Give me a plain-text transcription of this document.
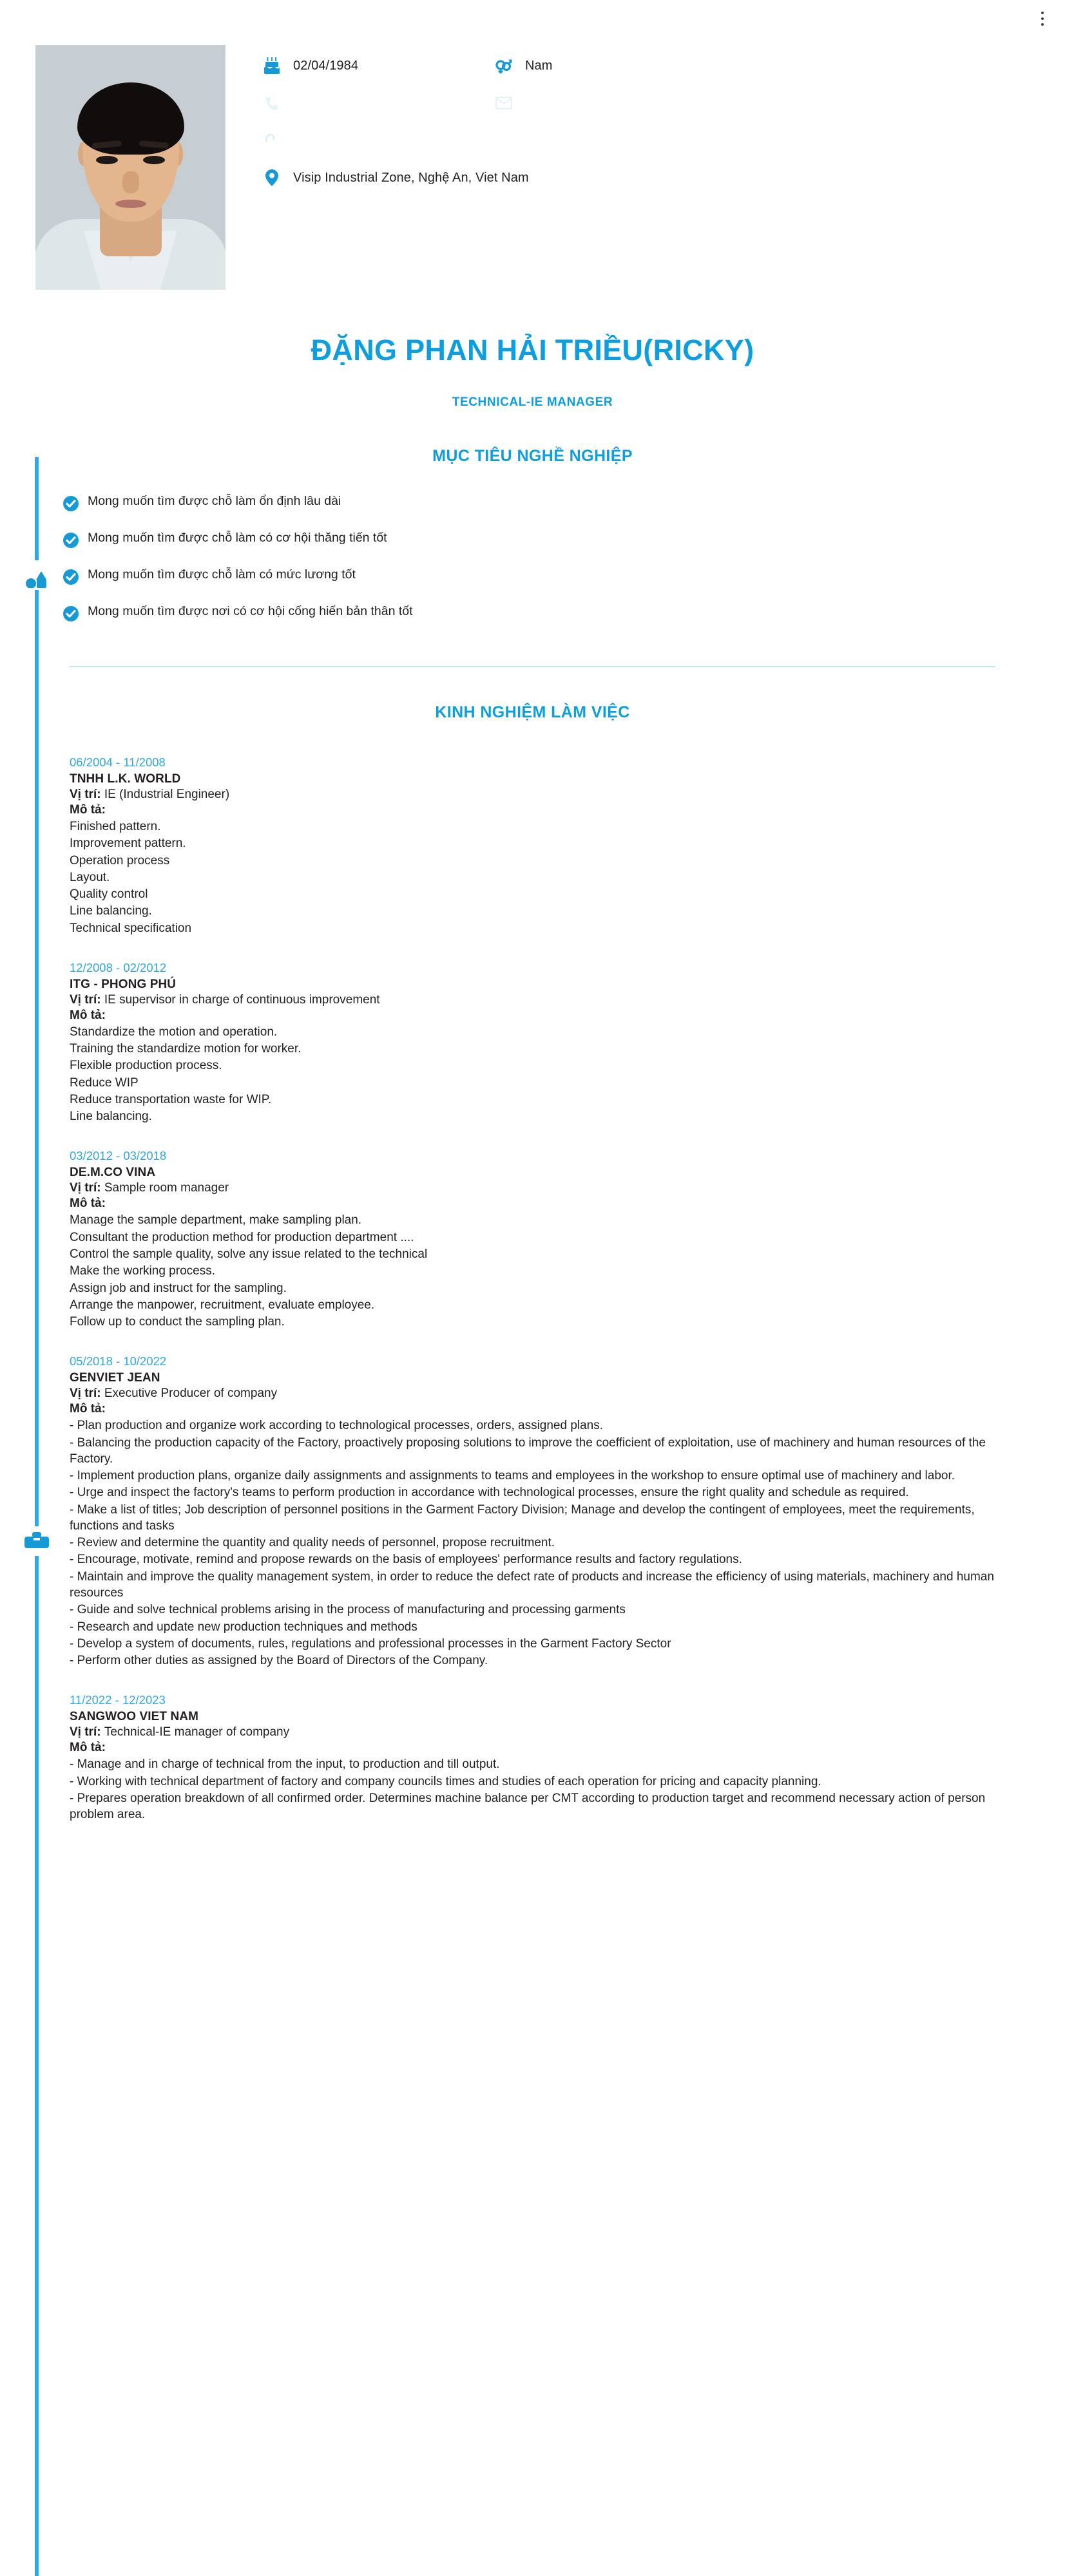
02/04/1984	Nam
Visip Industrial Zone, Nghệ An, Viet Nam
ĐẶNG PHAN HẢI TRIỀU(RICKY)
TECHNICAL-IE MANAGER
MỤC TIÊU NGHỀ NGHIỆP
Mong muốn tìm được chỗ làm ổn định lâu dài
Mong muốn tìm được chỗ làm có cơ hội thăng tiến tốt
Mong muốn tìm được chỗ làm có mức lương tốt
Mong muốn tìm được nơi có cơ hội cống hiến bản thân tốt
KINH NGHIỆM LÀM VIỆC
06/2004 - 11/2008
TNHH L.K. WORLD
Vị trí: IE (Industrial Engineer)
Mô tả:
Finished pattern.
Improvement pattern.
Operation process
Layout.
Quality control
Line balancing.
Technical specification
12/2008 - 02/2012
ITG - PHONG PHÚ
Vị trí: IE supervisor in charge of continuous improvement
Mô tả:
Standardize the motion and operation.
Training the standardize motion for worker.
Flexible production process.
Reduce WIP
Reduce transportation waste for WIP.
Line balancing.
03/2012 - 03/2018
DE.M.CO VINA
Vị trí: Sample room manager
Mô tả:
Manage the sample department, make sampling plan.
Consultant the production method for production department ....
Control the sample quality, solve any issue related to the technical
Make the working process.
Assign job and instruct for the sampling.
Arrange the manpower, recruitment, evaluate employee.
Follow up to conduct the sampling plan.
05/2018 - 10/2022
GENVIET JEAN
Vị trí: Executive Producer of company
Mô tả:
- Plan production and organize work according to technological processes, orders, assigned plans.
- Balancing the production capacity of the Factory, proactively proposing solutions to improve the coefficient of exploitation, use of machinery and human resources of the Factory.
- Implement production plans, organize daily assignments and assignments to teams and employees in the workshop to ensure optimal use of machinery and labor.
- Urge and inspect the factory's teams to perform production in accordance with technological processes, ensure the right quality and schedule as required.
- Make a list of titles; Job description of personnel positions in the Garment Factory Division; Manage and develop the contingent of employees, meet the requirements, functions and tasks
- Review and determine the quantity and quality needs of personnel, propose recruitment.
- Encourage, motivate, remind and propose rewards on the basis of employees' performance results and factory regulations.
- Maintain and improve the quality management system, in order to reduce the defect rate of products and increase the efficiency of using materials, machinery and human resources
- Guide and solve technical problems arising in the process of manufacturing and processing garments
- Research and update new production techniques and methods
- Develop a system of documents, rules, regulations and professional processes in the Garment Factory Sector
- Perform other duties as assigned by the Board of Directors of the Company.
11/2022 - 12/2023
SANGWOO VIET NAM
Vị trí: Technical-IE manager of company
Mô tả:
- Manage and in charge of technical from the input, to production and till output.
- Working with technical department of factory and company councils times and studies of each operation for pricing and capacity planning.
- Prepares operation breakdown of all confirmed order. Determines machine balance per CMT according to production target and recommend necessary action of person problem area.
